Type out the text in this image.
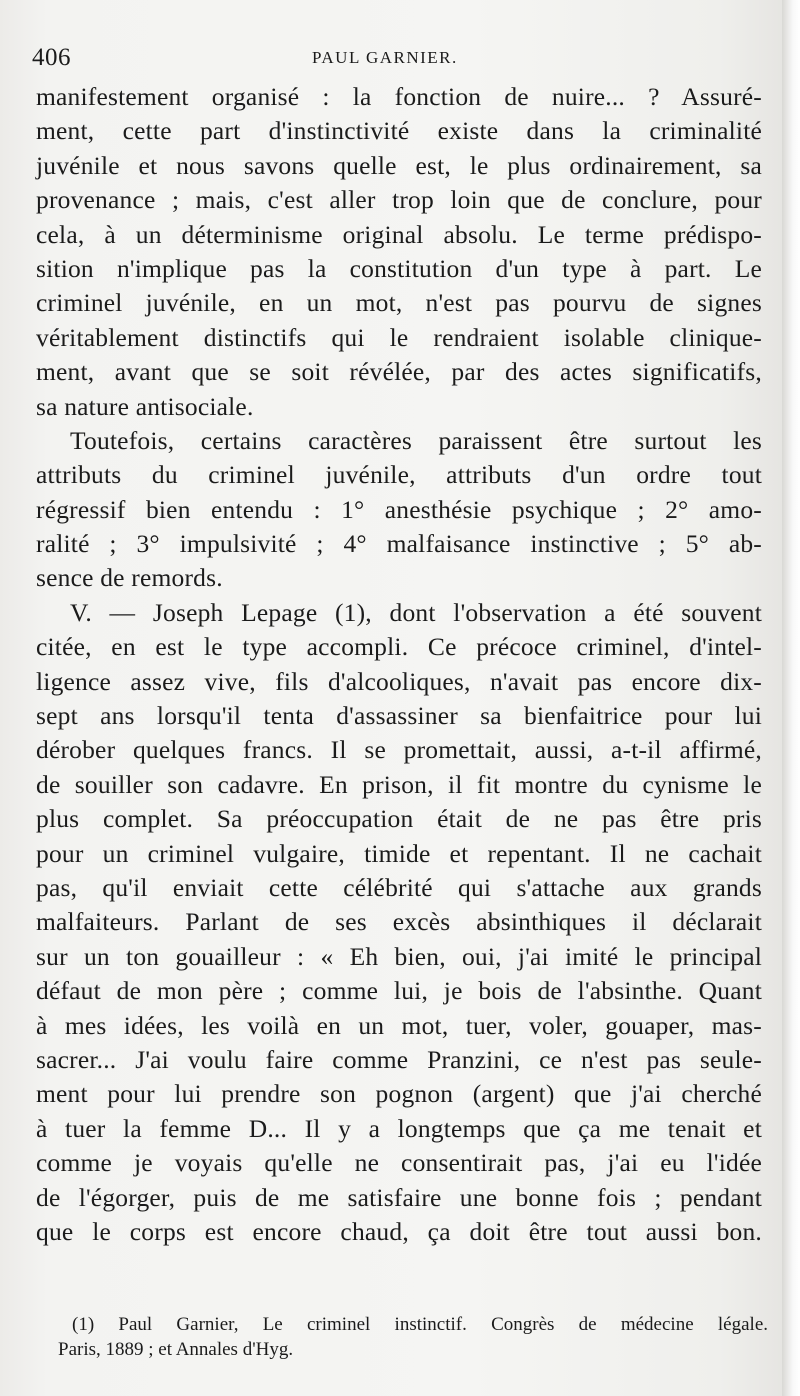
406	PAUL GARNIER.
manifestement organisé : la fonction de nuire... ? Assuré-
ment, cette part d'instinctivité existe dans la criminalité
juvénile et nous savons quelle est, le plus ordinairement, sa
provenance ; mais, c'est aller trop loin que de conclure, pour
cela, à un déterminisme original absolu. Le terme prédispo-
sition n'implique pas la constitution d'un type à part. Le
criminel juvénile, en un mot, n'est pas pourvu de signes
véritablement distinctifs qui le rendraient isolable clinique-
ment, avant que se soit révélée, par des actes significatifs,
sa nature antisociale.
Toutefois, certains caractères paraissent être surtout les
attributs du criminel juvénile, attributs d'un ordre tout
régressif bien entendu : 1° anesthésie psychique ; 2° amo-
ralité ; 3° impulsivité ; 4° malfaisance instinctive ; 5° ab-
sence de remords.
V. — Joseph Lepage (1), dont l'observation a été souvent
citée, en est le type accompli. Ce précoce criminel, d'intel-
ligence assez vive, fils d'alcooliques, n'avait pas encore dix-
sept ans lorsqu'il tenta d'assassiner sa bienfaitrice pour lui
dérober quelques francs. Il se promettait, aussi, a-t-il affirmé,
de souiller son cadavre. En prison, il fit montre du cynisme le
plus complet. Sa préoccupation était de ne pas être pris
pour un criminel vulgaire, timide et repentant. Il ne cachait
pas, qu'il enviait cette célébrité qui s'attache aux grands
malfaiteurs. Parlant de ses excès absinthiques il déclarait
sur un ton gouailleur : « Eh bien, oui, j'ai imité le principal
défaut de mon père ; comme lui, je bois de l'absinthe. Quant
à mes idées, les voilà en un mot, tuer, voler, gouaper, mas-
sacrer... J'ai voulu faire comme Pranzini, ce n'est pas seule-
ment pour lui prendre son pognon (argent) que j'ai cherché
à tuer la femme D... Il y a longtemps que ça me tenait et
comme je voyais qu'elle ne consentirait pas, j'ai eu l'idée
de l'égorger, puis de me satisfaire une bonne fois ; pendant
que le corps est encore chaud, ça doit être tout aussi bon.
(1) Paul Garnier, Le criminel instinctif. Congrès de médecine légale.
Paris, 1889 ; et Annales d'Hyg.
